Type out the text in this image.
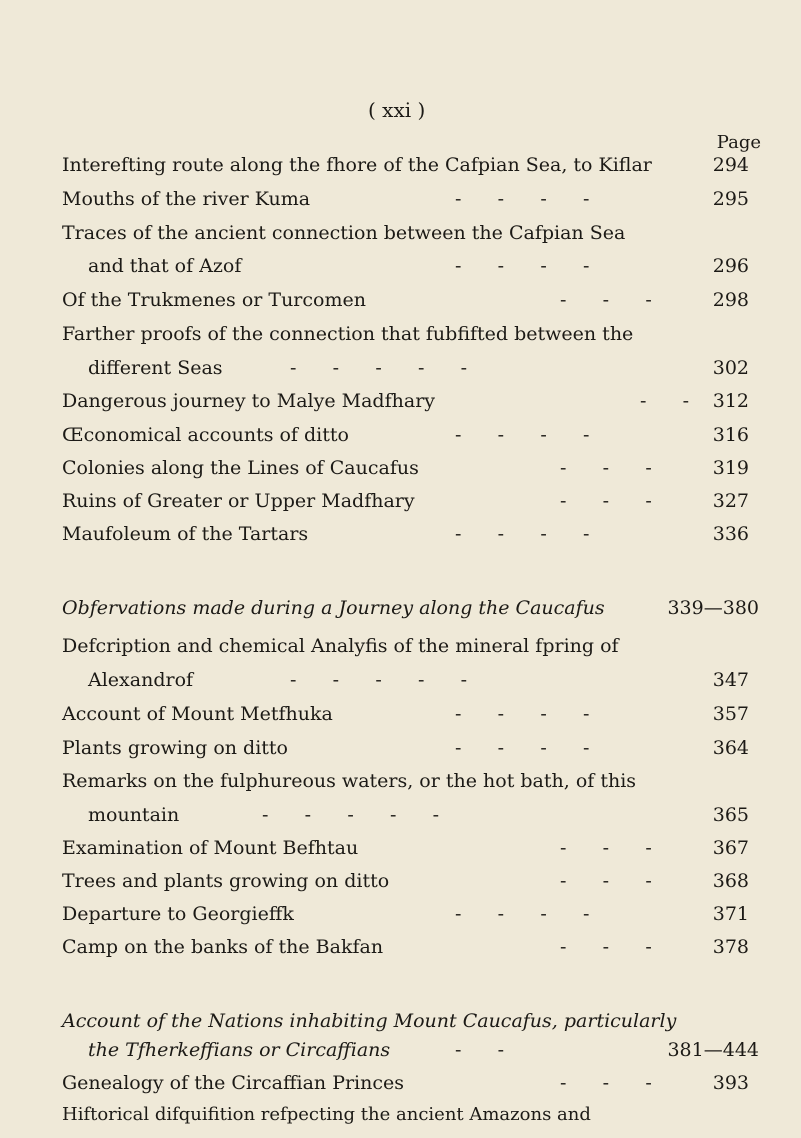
( xxi )
Page
Interefting route along the fhore of the Cafpian Sea, to Kiflar	294
Mouths of the river Kuma	-      -      -      -	295
Traces of the ancient connection between the Cafpian Sea
and that of Azof	-      -      -      -	296
Of the Trukmenes or Turcomen	-      -      -	298
Farther proofs of the connection that fubfifted between the
different Seas	-      -      -      -      -	302
Dangerous journey to Malye Madfhary	-      -	312
Œconomical accounts of ditto	-      -      -      -	316
Colonies along the Lines of Caucafus	-      -      -	319
Ruins of Greater or Upper Madfhary	-      -      -	327
Maufoleum of the Tartars	-      -      -      -	336
Obfervations made during a Journey along the Caucafus	339—380
Defcription and chemical Analyfis of the mineral fpring of
Alexandrof	-      -      -      -      -	347
Account of Mount Metfhuka	-      -      -      -	357
Plants growing on ditto	-      -      -      -	364
Remarks on the fulphureous waters, or the hot bath, of this
mountain	-      -      -      -      -	365
Examination of Mount Befhtau	-      -      -	367
Trees and plants growing on ditto	-      -      -	368
Departure to Georgieffk	-      -      -      -	371
Camp on the banks of the Bakfan	-      -      -	378
Account of the Nations inhabiting Mount Caucafus, particularly
the Tfherkeffians or Circaffians	-      -	381—444
Genealogy of the Circaffian Princes	-      -      -	393
Hiftorical difquifition refpecting the ancient Amazons and
